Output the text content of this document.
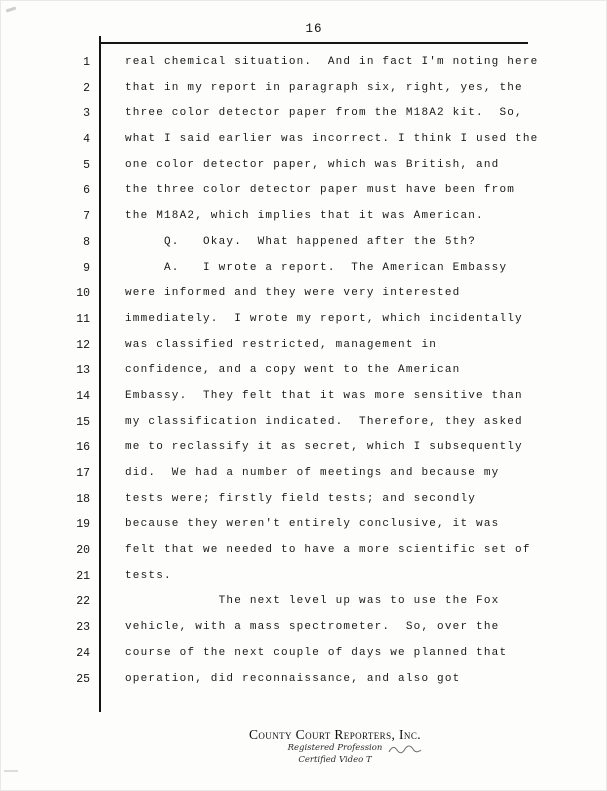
16
1	real chemical situation.  And in fact I'm noting here
2	that in my report in paragraph six, right, yes, the
3	three color detector paper from the M18A2 kit.  So,
4	what I said earlier was incorrect. I think I used the
5	one color detector paper, which was British, and
6	the three color detector paper must have been from
7	the M18A2, which implies that it was American.
8	Q.   Okay.  What happened after the 5th?
9	A.   I wrote a report.  The American Embassy
10	were informed and they were very interested
11	immediately.  I wrote my report, which incidentally
12	was classified restricted, management in
13	confidence, and a copy went to the American
14	Embassy.  They felt that it was more sensitive than
15	my classification indicated.  Therefore, they asked
16	me to reclassify it as secret, which I subsequently
17	did.  We had a number of meetings and because my
18	tests were; firstly field tests; and secondly
19	because they weren't entirely conclusive, it was
20	felt that we needed to have a more scientific set of
21	tests.
22	The next level up was to use the Fox
23	vehicle, with a mass spectrometer.  So, over the
24	course of the next couple of days we planned that
25	operation, did reconnaissance, and also got
County Court Reporters, Inc.
Registered Profession
Certified Video T
